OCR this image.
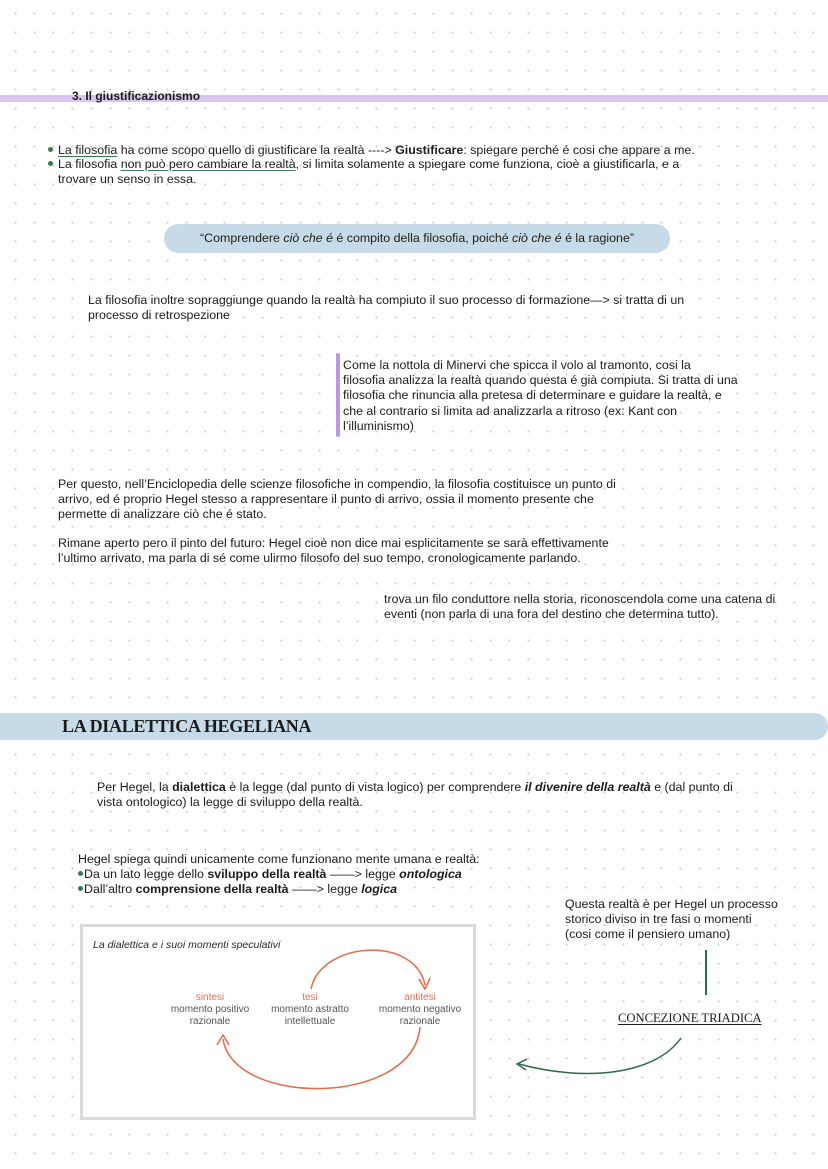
3. Il giustificazionismo
La filosofia ha come scopo quello di giustificare la realtà ----> Giustificare: spiegare perché é cosi che appare a me.
La filosofia non può pero cambiare la realtà, si limita solamente a spiegare come funziona, cioè a giustificarla, e a
trovare un senso in essa.
“Comprendere ciò che é é compito della filosofia, poiché ciò che é é la ragione”
La filosofia inoltre sopraggiunge quando la realtà ha compiuto il suo processo di formazione—> si tratta di un
processo di retrospezione
Come la nottola di Minervi che spicca il volo al tramonto, cosi la
filosofia analizza la realtà quando questa é già compiuta. Si tratta di una
filosofia che rinuncia alla pretesa di determinare e guidare la realtà, e
che al contrario si limita ad analizzarla a ritroso (ex: Kant con
l’illuminismo)
Per questo, nell’Enciclopedia delle scienze filosofiche in compendio, la filosofia costituisce un punto di
arrivo, ed é proprio Hegel stesso a rappresentare il punto di arrivo, ossia il momento presente che
permette di analizzare ciò che é stato.
Rimane aperto pero il pinto del futuro: Hegel cioè non dice mai esplicitamente se sarà effettivamente
l’ultimo arrivato, ma parla di sé come ulirmo filosofo del suo tempo, cronologicamente parlando.
trova un filo conduttore nella storia, riconoscendola come una catena di
eventi (non parla di una fora del destino che determina tutto).
LA DIALETTICA HEGELIANA
Per Hegel, la dialettica è la legge (dal punto di vista logico) per comprendere il divenire della realtà e (dal punto di
vista ontologico) la legge di sviluppo della realtà.
Hegel spiega quindi unicamente come funzionano mente umana e realtà:
Da un lato legge dello sviluppo della realtà ——> legge ontologica
Dall’altro comprensione della realtà ——> legge logica
Questa realtà è per Hegel un processo
storico diviso in tre fasi o momenti
(cosi come il pensiero umano)
CONCEZIONE TRIADICA
La dialettica e i suoi momenti speculativi
sintesi
momento positivo
razionale
tesi
momento astratto
intellettuale
antitesi
momento negativo
razionale
